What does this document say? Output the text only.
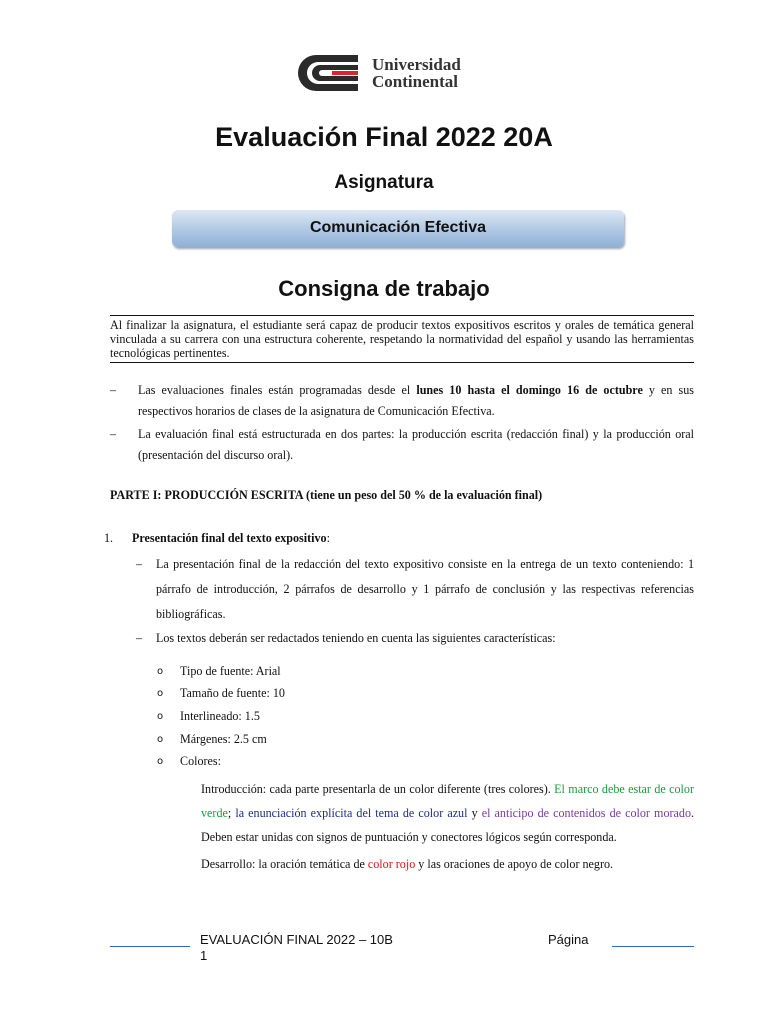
Universidad
Continental
Evaluación Final 2022 20A
Asignatura
Comunicación Efectiva
Consigna de trabajo
Al finalizar la asignatura, el estudiante será capaz de producir textos expositivos escritos y orales de temática general vinculada a su carrera con una estructura coherente, respetando la normatividad del español y usando las herramientas tecnológicas pertinentes.
–	Las evaluaciones finales están programadas desde el lunes 10 hasta el domingo 16 de octubre y en sus respectivos horarios de clases de la asignatura de Comunicación Efectiva.
–	La evaluación final está estructurada en dos partes: la producción escrita (redacción final) y la producción oral (presentación del discurso oral).
PARTE I: PRODUCCIÓN ESCRITA (tiene un peso del 50 % de la evaluación final)
1.	Presentación final del texto expositivo:
–	La presentación final de la redacción del texto expositivo consiste en la entrega de un texto conteniendo: 1 párrafo de introducción, 2 párrafos de desarrollo y 1 párrafo de conclusión y las respectivas referencias bibliográficas.
–	Los textos deberán ser redactados teniendo en cuenta las siguientes características:
o	Tipo de fuente: Arial
o	Tamaño de fuente: 10
o	Interlineado: 1.5
o	Márgenes: 2.5 cm
o	Colores:
Introducción: cada parte presentarla de un color diferente (tres colores). El marco debe estar de color verde; la enunciación explícita del tema de color azul y el anticipo de contenidos de color morado. Deben estar unidas con signos de puntuación y conectores lógicos según corresponda.
Desarrollo: la oración temática de color rojo y las oraciones de apoyo de color negro.
EVALUACIÓN FINAL 2022 – 10B
1
Página
